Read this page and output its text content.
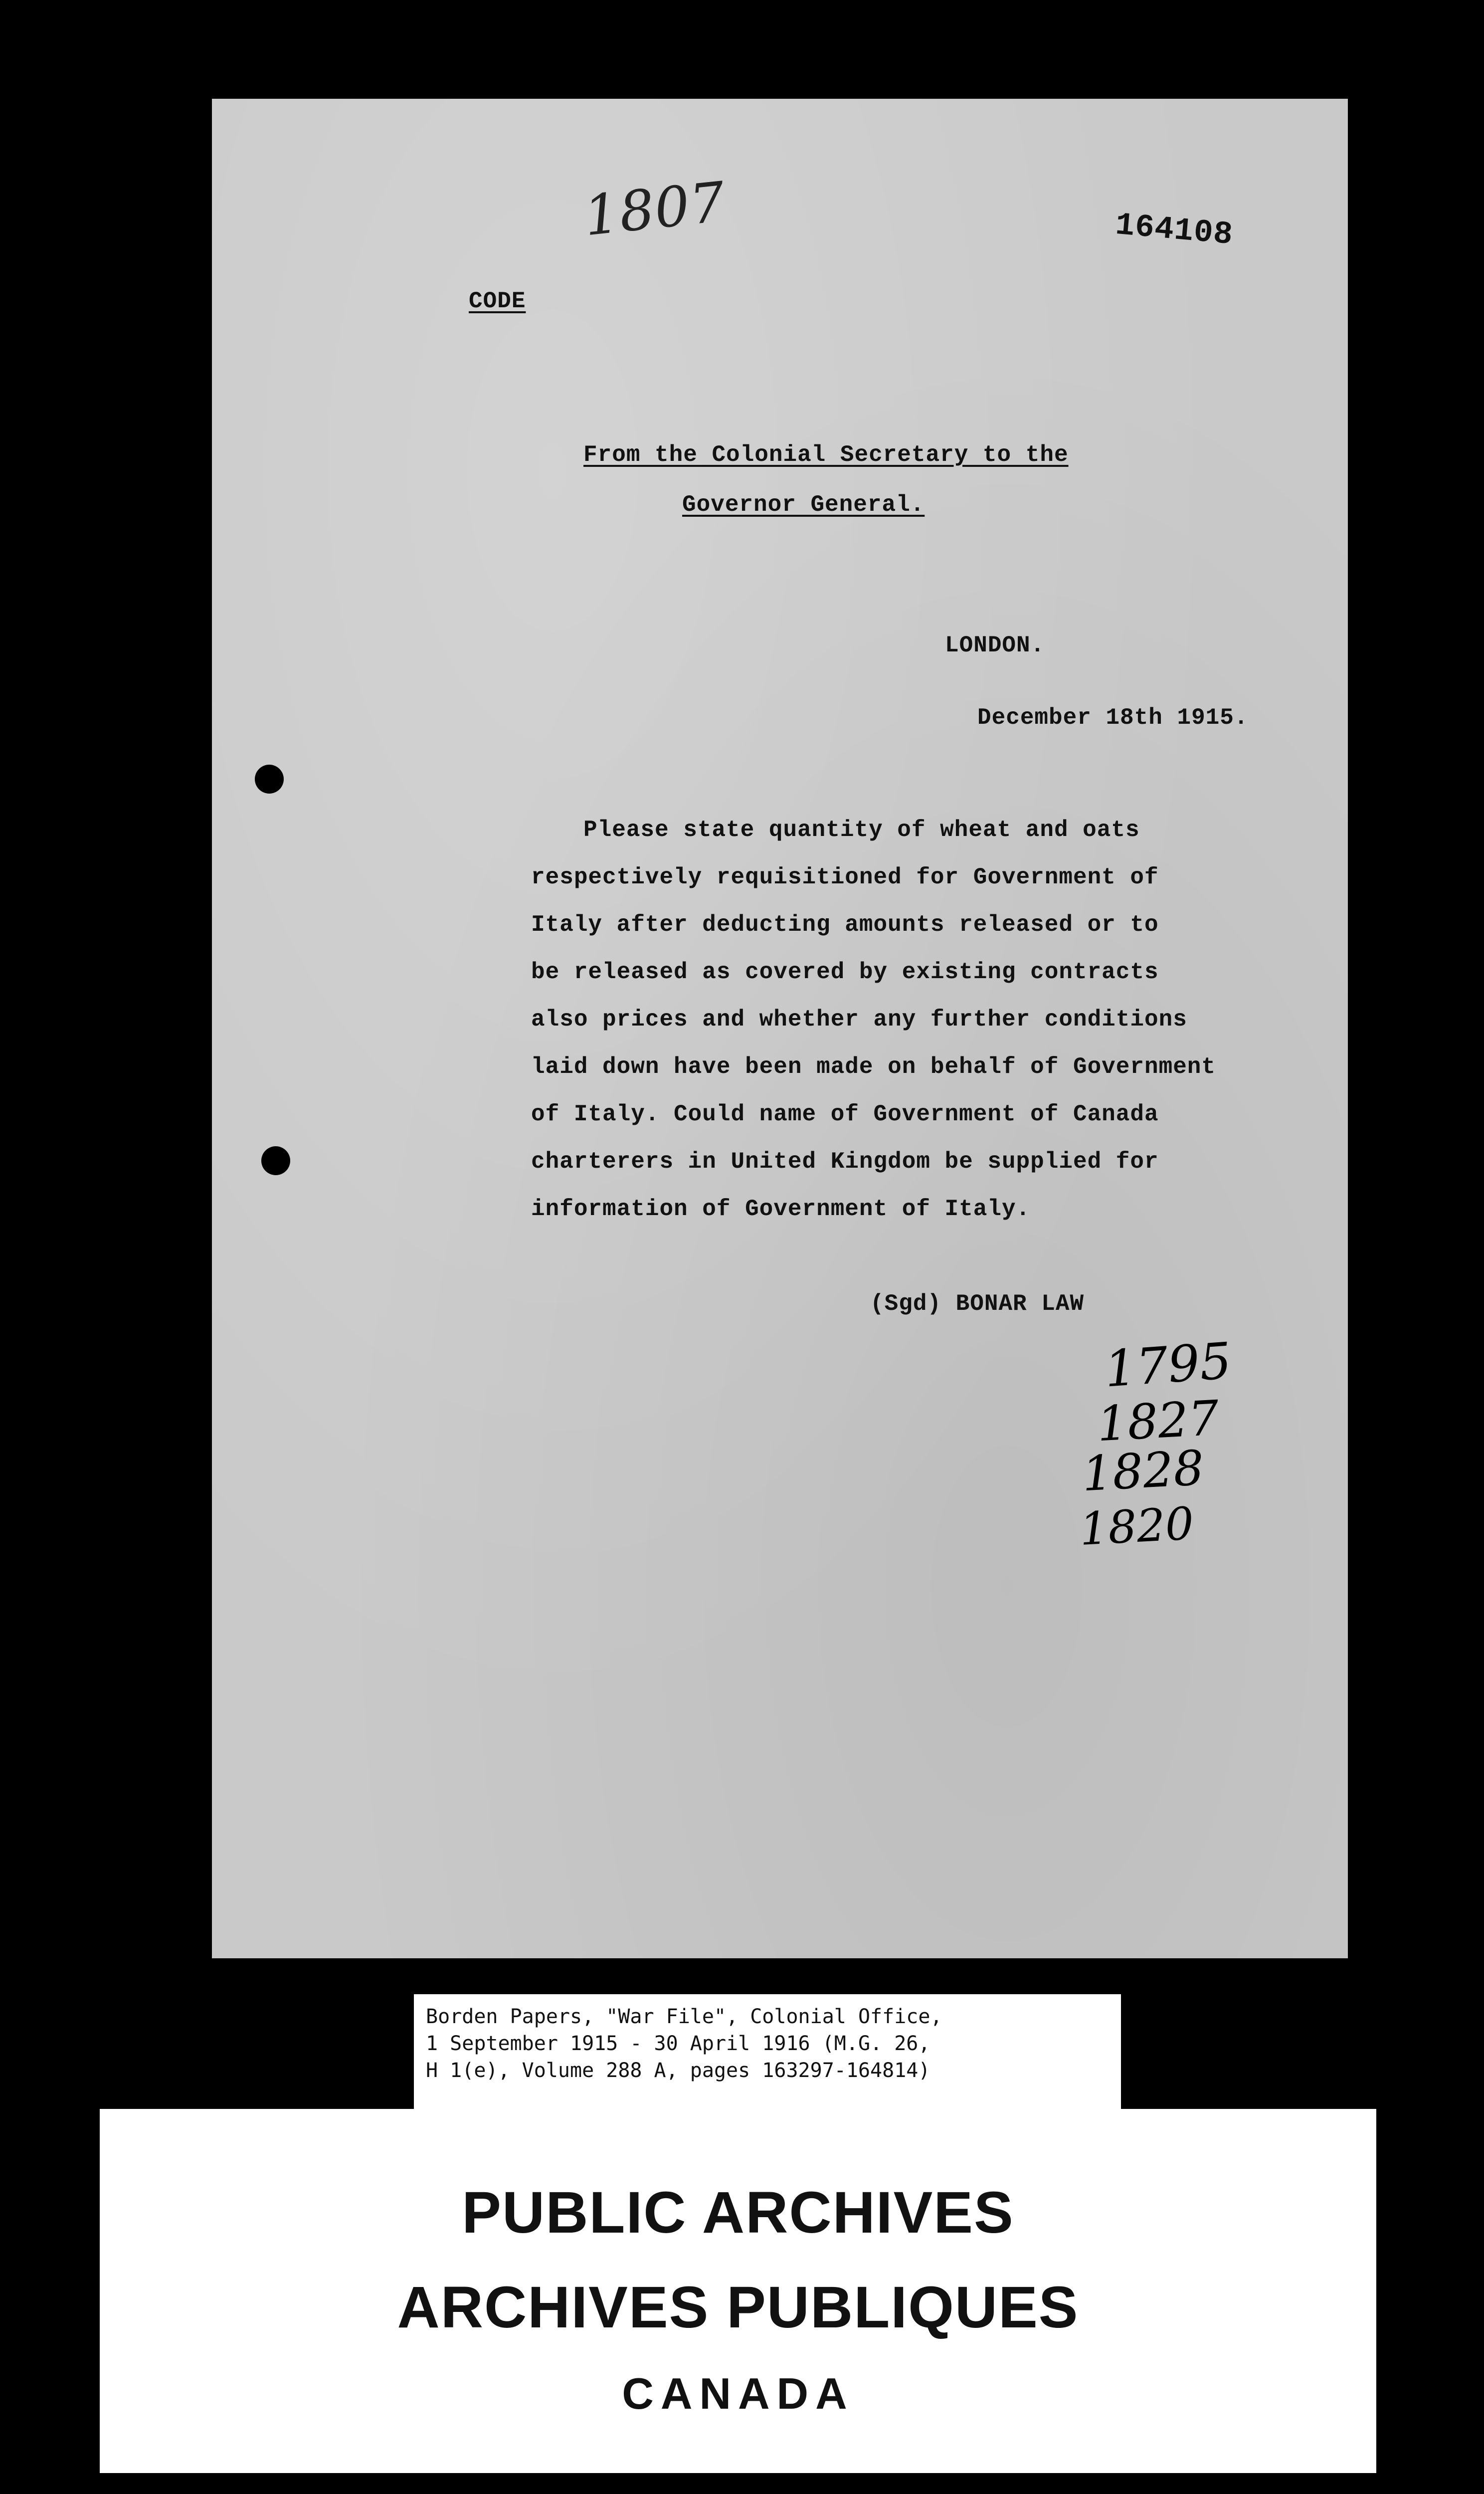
1807	164108
CODE
From the Colonial Secretary to the
Governor General.
LONDON.
December 18th 1915.
Please state quantity of wheat and oats
respectively requisitioned for Government of
Italy after deducting amounts released or to
be released as covered by existing contracts
also prices and whether any further conditions
laid down have been made on behalf of Government
of Italy. Could name of Government of Canada
charterers in United Kingdom be supplied for
information of Government of Italy.
(Sgd) BONAR LAW
1795
1827
1828
1820
Borden Papers, "War File", Colonial Office,
1 September 1915 - 30 April 1916 (M.G. 26,
H 1(e), Volume 288 A, pages 163297-164814)
PUBLIC ARCHIVES
ARCHIVES PUBLIQUES
CANADA
